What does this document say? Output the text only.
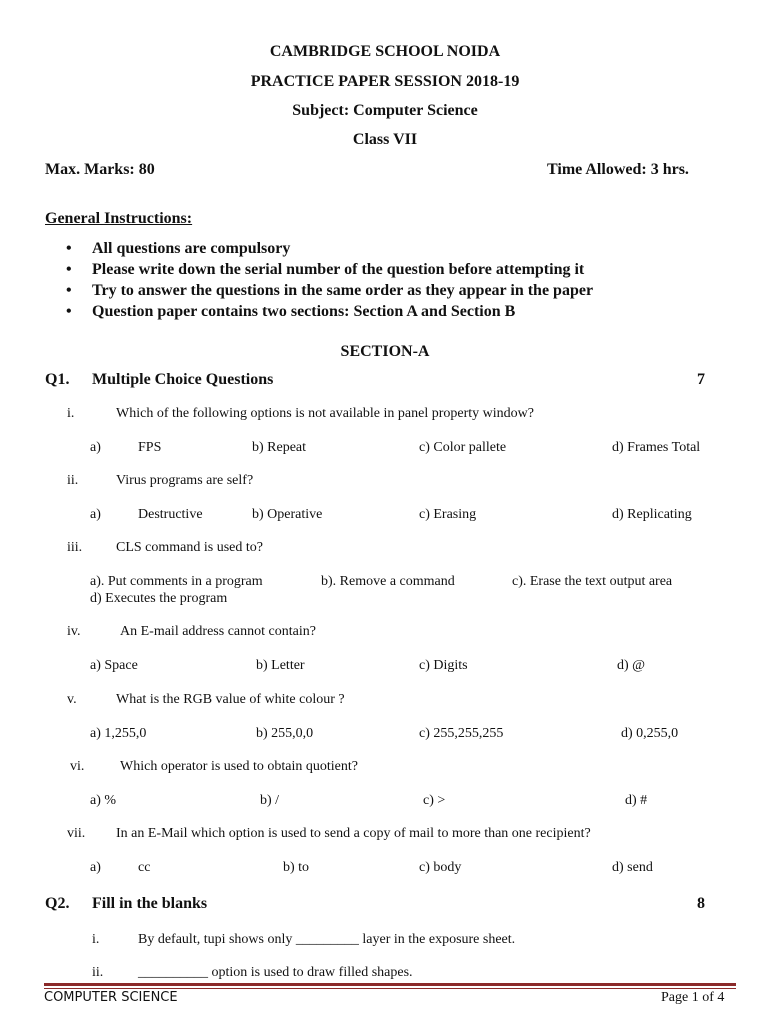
CAMBRIDGE SCHOOL NOIDA
PRACTICE PAPER SESSION 2018-19
Subject: Computer Science
Class VII
Max. Marks: 80	Time Allowed: 3 hrs.
General Instructions:
• All questions are compulsory
• Please write down the serial number of the question before attempting it
• Try to answer the questions in the same order as they appear in the paper
• Question paper contains two sections: Section A and Section B
SECTION-A
Q1. Multiple Choice Questions	7
i.	Which of the following options is not available in panel property window?
a)	FPS	b) Repeat	c) Color pallete	d) Frames Total
ii.	Virus programs are self?
a)	Destructive	b) Operative	c) Erasing	d) Replicating
iii. CLS command is used to?
a). Put comments in a program	b). Remove a command	c). Erase the text output area
d) Executes the program
iv.	An E-mail address cannot contain?
a) Space	b) Letter	c) Digits	d) @
v.	What is the RGB value of white colour ?
a) 1,255,0	b) 255,0,0	c) 255,255,255	d) 0,255,0
vi.	Which operator is used to obtain quotient?
a) %	b) /	c) >	d) #
vii. In an E-Mail which option is used to send a copy of mail to more than one recipient?
a)	cc	b) to	c) body	d) send
Q2. Fill in the blanks	8
i.	By default, tupi shows only _________ layer in the exposure sheet.
ii. __________ option is used to draw filled shapes.
COMPUTER SCIENCE	Page 1 of 4
